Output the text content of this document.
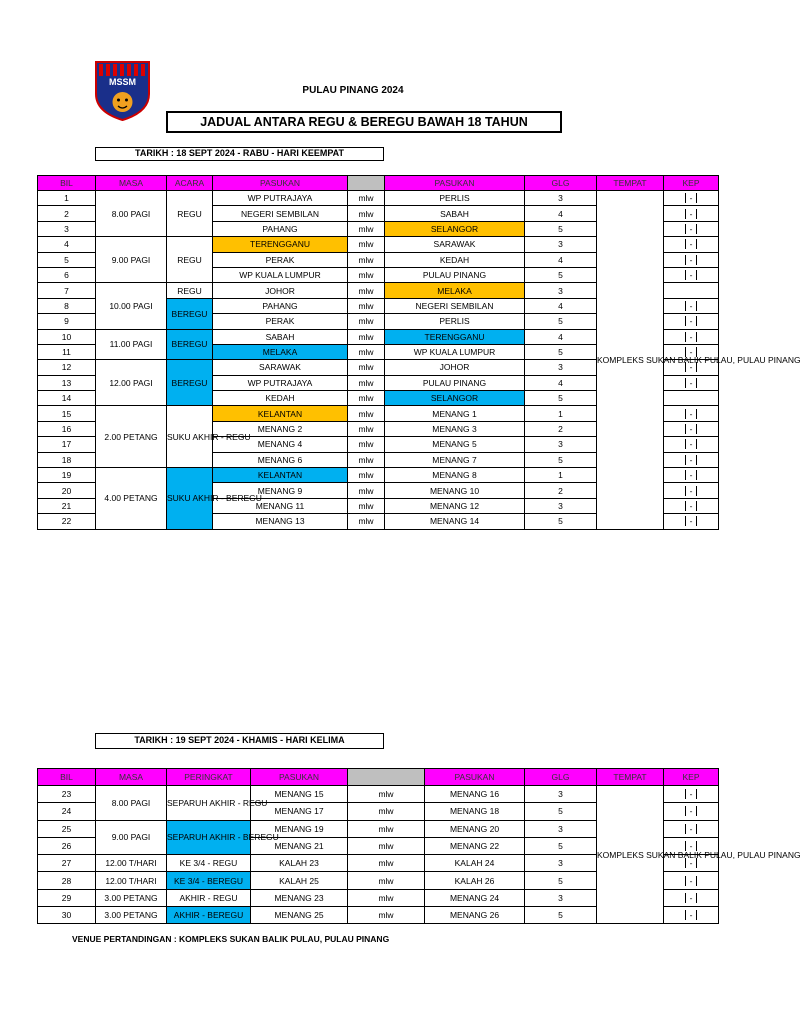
MSSM
PULAU PINANG 2024
JADUAL ANTARA REGU & BEREGU BAWAH 18 TAHUN
TARIKH : 18 SEPT 2024 - RABU - HARI KEEMPAT
BIL	MASA	ACARA	PASUKAN		PASUKAN	GLG	TEMPAT	KEP
1	8.00 PAGI	REGU	WP PUTRAJAYA	mlw	PERLIS	3	KOMPLEKS SUKAN BALIK PULAU, PULAU PINANG	-

2			NEGERI SEMBILAN	mlw	SABAH	4		-

3			PAHANG	mlw	SELANGOR	5		-

4	9.00 PAGI	REGU	TERENGGANU	mlw	SARAWAK	3		-

5			PERAK	mlw	KEDAH	4		-

6			WP KUALA LUMPUR	mlw	PULAU PINANG	5		-

7	10.00 PAGI	REGU	JOHOR	mlw	MELAKA	3		

8		BEREGU	PAHANG	mlw	NEGERI SEMBILAN	4		-

9			PERAK	mlw	PERLIS	5		-

10	11.00 PAGI	BEREGU	SABAH	mlw	TERENGGANU	4		-

11			MELAKA	mlw	WP KUALA LUMPUR	5		-

12	12.00 PAGI	BEREGU	SARAWAK	mlw	JOHOR	3		-

13			WP PUTRAJAYA	mlw	PULAU PINANG	4		-

14			KEDAH	mlw	SELANGOR	5		

15	2.00 PETANG	SUKU AKHIR - REGU	KELANTAN	mlw	MENANG 1	1		-

16			MENANG 2	mlw	MENANG 3	2		-

17			MENANG 4	mlw	MENANG 5	3		-

18			MENANG 6	mlw	MENANG 7	5		-

19	4.00 PETANG	SUKU AKHIR - BEREGU	KELANTAN	mlw	MENANG 8	1		-

20			MENANG 9	mlw	MENANG 10	2		-

21			MENANG 11	mlw	MENANG 12	3		-

22			MENANG 13	mlw	MENANG 14	5		-
TARIKH : 19 SEPT 2024 - KHAMIS - HARI KELIMA
BIL	MASA	PERINGKAT	PASUKAN		PASUKAN	GLG	TEMPAT	KEP
23	8.00 PAGI	SEPARUH AKHIR - REGU	MENANG 15	mlw	MENANG 16	3	KOMPLEKS SUKAN BALIK PULAU, PULAU PINANG	-

24			MENANG 17	mlw	MENANG 18	5		-

25	9.00 PAGI	SEPARUH AKHIR - BEREGU	MENANG 19	mlw	MENANG 20	3		-

26			MENANG 21	mlw	MENANG 22	5		-

27	12.00 T/HARI	KE 3/4 - REGU	KALAH 23	mlw	KALAH 24	3		-

28	12.00 T/HARI	KE 3/4 - BEREGU	KALAH 25	mlw	KALAH 26	5		-

29	3.00 PETANG	AKHIR - REGU	MENANG 23	mlw	MENANG 24	3		-

30	3.00 PETANG	AKHIR - BEREGU	MENANG 25	mlw	MENANG 26	5		-
VENUE PERTANDINGAN : KOMPLEKS SUKAN BALIK PULAU, PULAU PINANG
